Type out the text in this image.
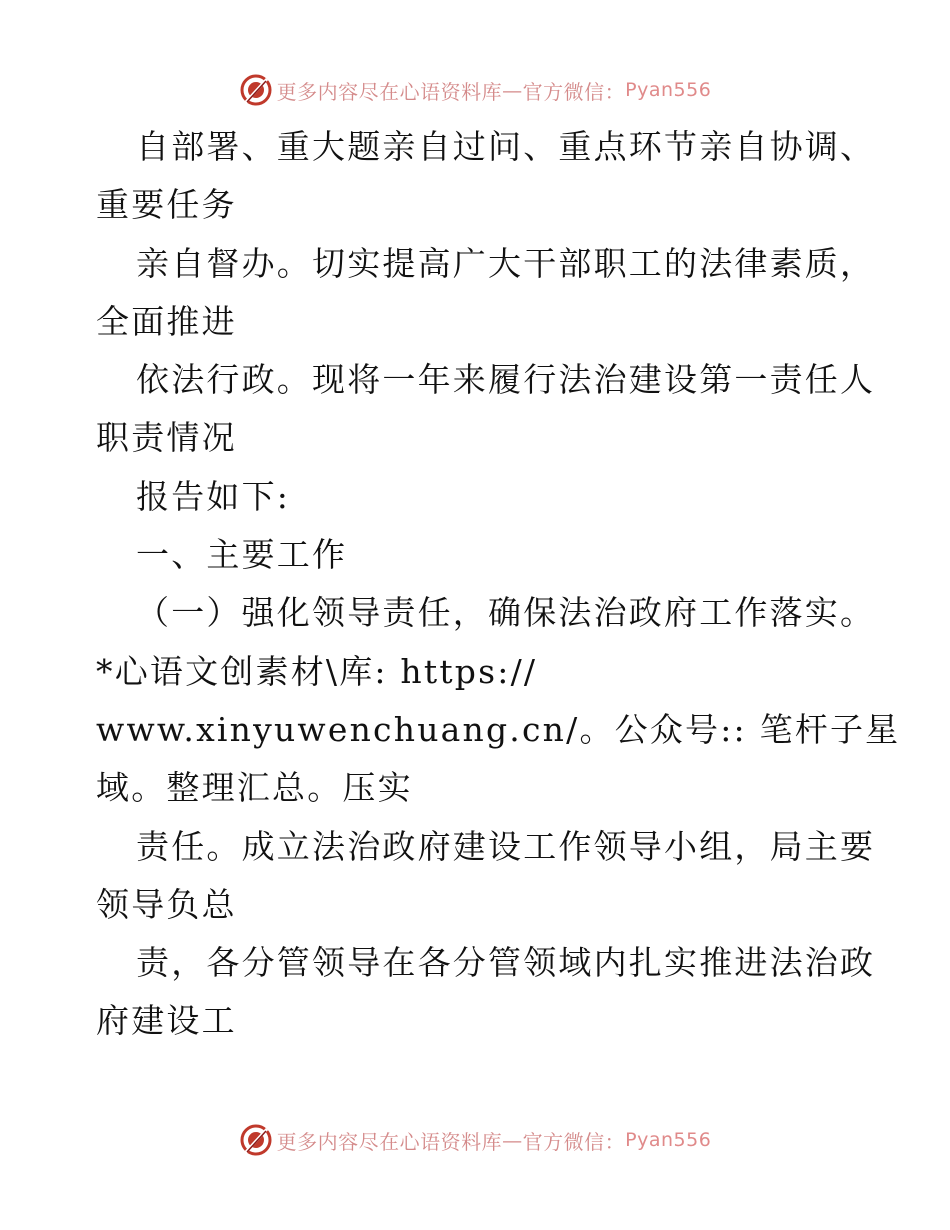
更多内容尽在心语资料库 — 官方微信： Pyan556
自部署、重大题亲自过问、重点环节亲自协调、
重要任务
亲自督办。切实提高广大干部职工的法律素质，
全面推进
依法行政。现将一年来履行法治建设第一责任人
职责情况
报告如下:
一、主要工作
（一）强化领导责任，确保法治政府工作落实。
*心语文创素材\库: https://
www.xinyuwenchuang.cn/。公众号:: 笔杆子星
域。整理汇总。压实
责任。成立法治政府建设工作领导小组，局主要
领导负总
责，各分管领导在各分管领域内扎实推进法治政
府建设工
更多内容尽在心语资料库 — 官方微信： Pyan556
